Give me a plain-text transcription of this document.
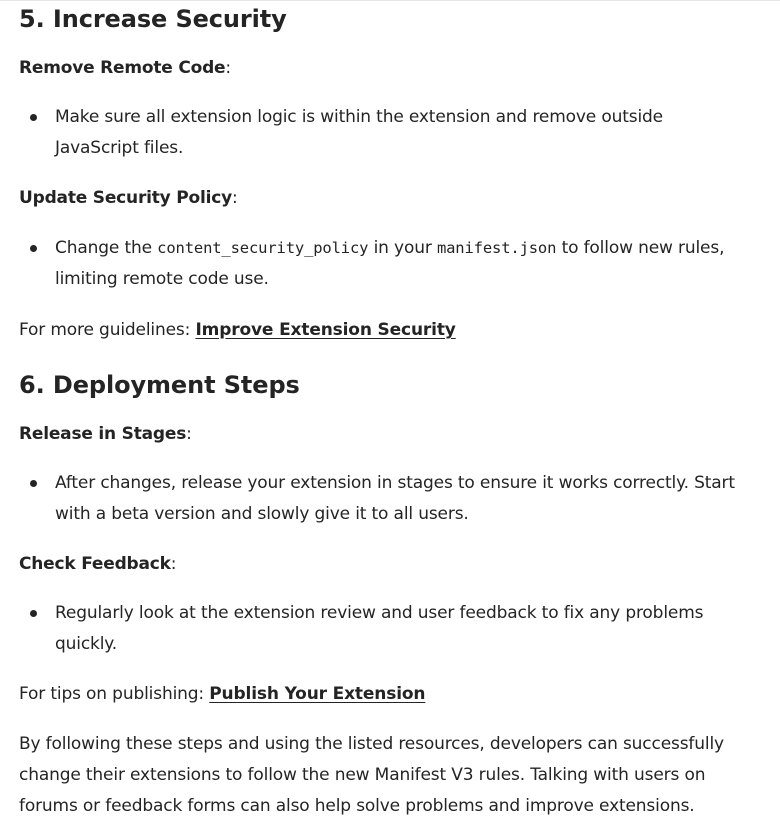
5. Increase Security

Remove Remote Code:

Make sure all extension logic is within the extension and remove outside JavaScript files.

Update Security Policy:

Change the content_security_policy in your manifest.json to follow new rules, limiting remote code use.

For more guidelines: Improve Extension Security

6. Deployment Steps

Release in Stages:

After changes, release your extension in stages to ensure it works correctly. Start with a beta version and slowly give it to all users.

Check Feedback:

Regularly look at the extension review and user feedback to fix any problems quickly.

For tips on publishing: Publish Your Extension

By following these steps and using the listed resources, developers can successfully change their extensions to follow the new Manifest V3 rules. Talking with users on forums or feedback forms can also help solve problems and improve extensions.
